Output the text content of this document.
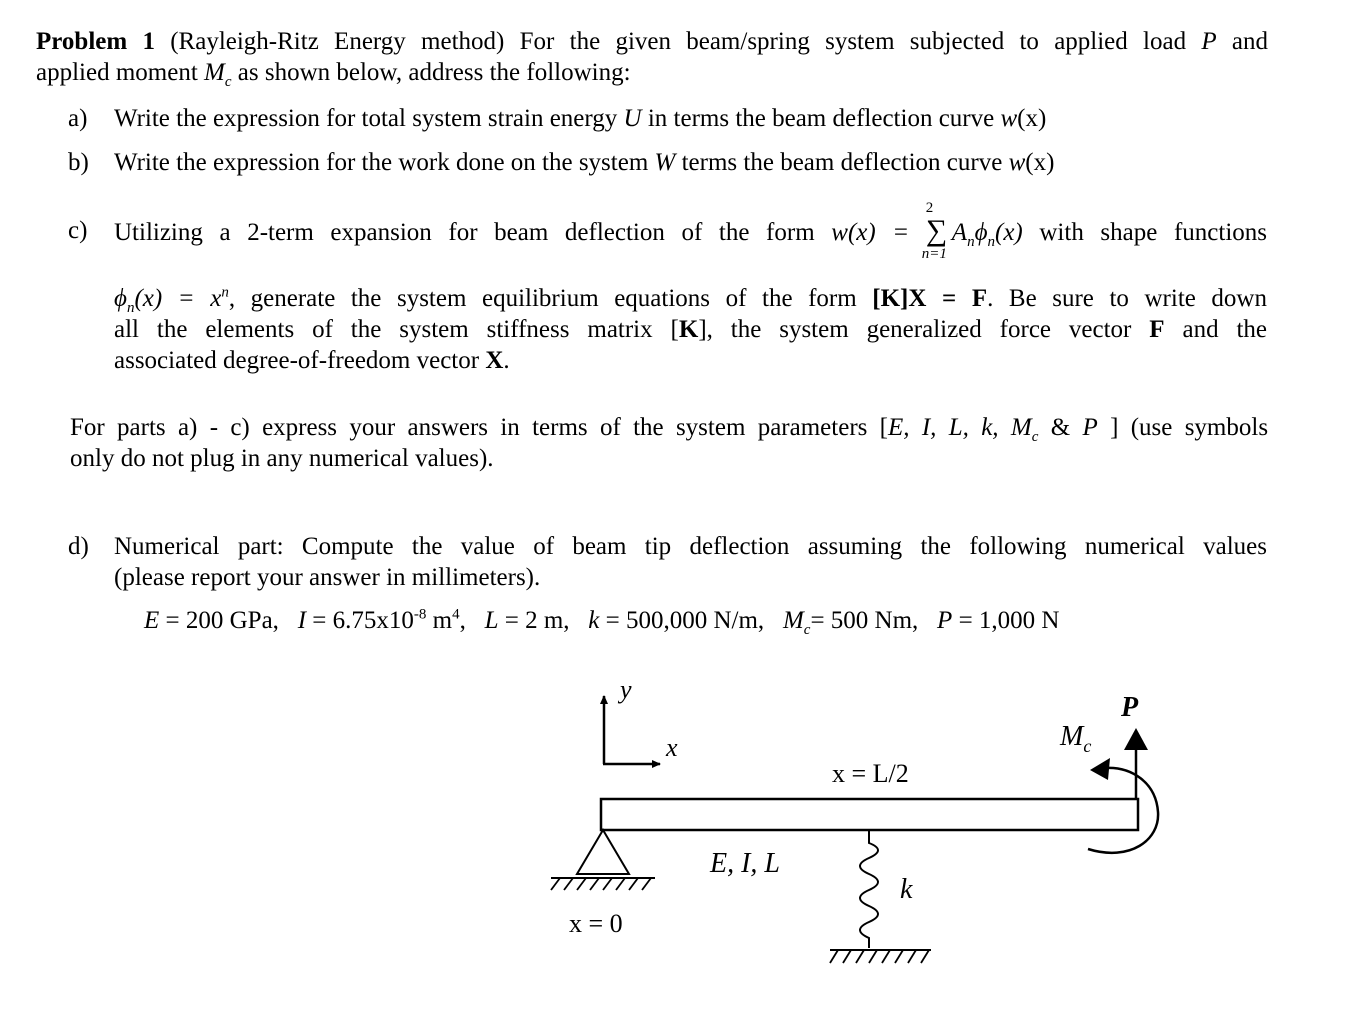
Problem 1 (Rayleigh-Ritz Energy method) For the given beam/spring system subjected to applied load P and
applied moment $M_c$ as shown below, address the following:
a) Write the expression for total system strain energy U in terms the beam deflection curve w(x)
b) Write the expression for the work done on the system W terms the beam deflection curve w(x)
c) Utilizing a 2-term expansion for beam deflection of the form w(x) =
2
∑
n=1
$A_n\phi_n(x)$ with shape functions
$\phi_n(x) = x^n$, generate the system equilibrium equations of the form [K]X = F. Be sure to write down
all the elements of the system stiffness matrix [K], the system generalized force vector F and the
associated degree-of-freedom vector X.
For parts a) - c) express your answers in terms of the system parameters [E, I, L, k, $M_c$ & P ] (use symbols
only do not plug in any numerical values).
d) Numerical part: Compute the value of beam tip deflection assuming the following numerical values
(please report your answer in millimeters).
E = 200 GPa, $I = 6.75x10^{-8}$ $m^4$, L = 2 m, k = 500,000 N/m, $M_c= 500$ Nm, P = 1,000 N
y
x
x = 0
E, I, L
k
x = L/2
P
$M_c$
